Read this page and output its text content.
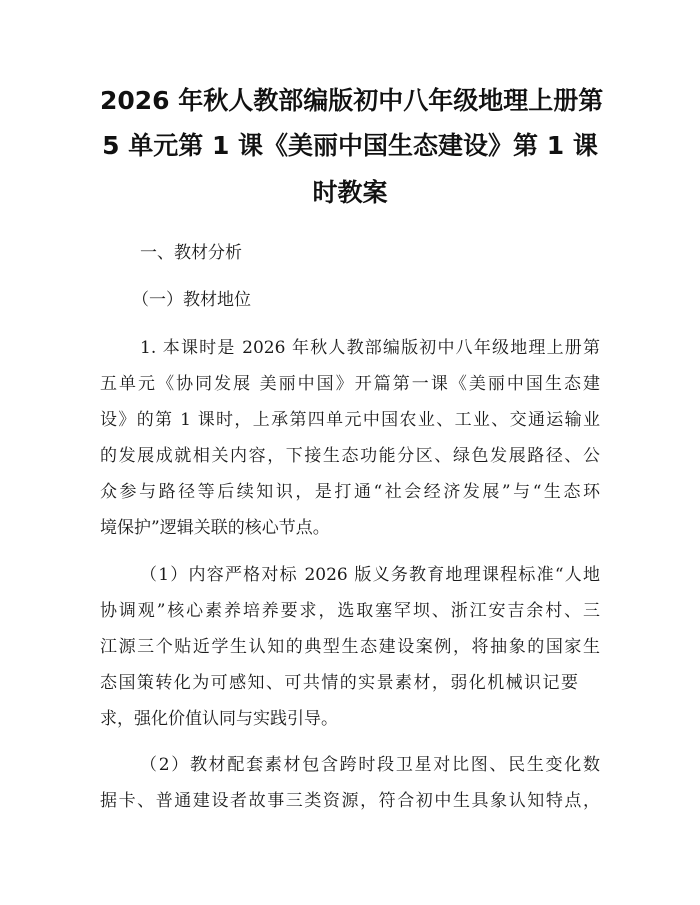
2026 年秋人教部编版初中八年级地理上册第
5 单元第 1 课《美丽中国生态建设》第 1 课
时教案
一、教材分析
（一）教材地位
1. 本课时是 2026 年秋人教部编版初中八年级地理上册第
五单元《协同发展 美丽中国》开篇第一课《美丽中国生态建
设》的第 1 课时，上承第四单元中国农业、工业、交通运输业
的发展成就相关内容，下接生态功能分区、绿色发展路径、公
众参与路径等后续知识，是打通“社会经济发展”与“生态环
境保护”逻辑关联的核心节点。
（1）内容严格对标 2026 版义务教育地理课程标准“人地
协调观”核心素养培养要求，选取塞罕坝、浙江安吉余村、三
江源三个贴近学生认知的典型生态建设案例，将抽象的国家生
态国策转化为可感知、可共情的实景素材，弱化机械识记要
求，强化价值认同与实践引导。
（2）教材配套素材包含跨时段卫星对比图、民生变化数
据卡、普通建设者故事三类资源，符合初中生具象认知特点，
